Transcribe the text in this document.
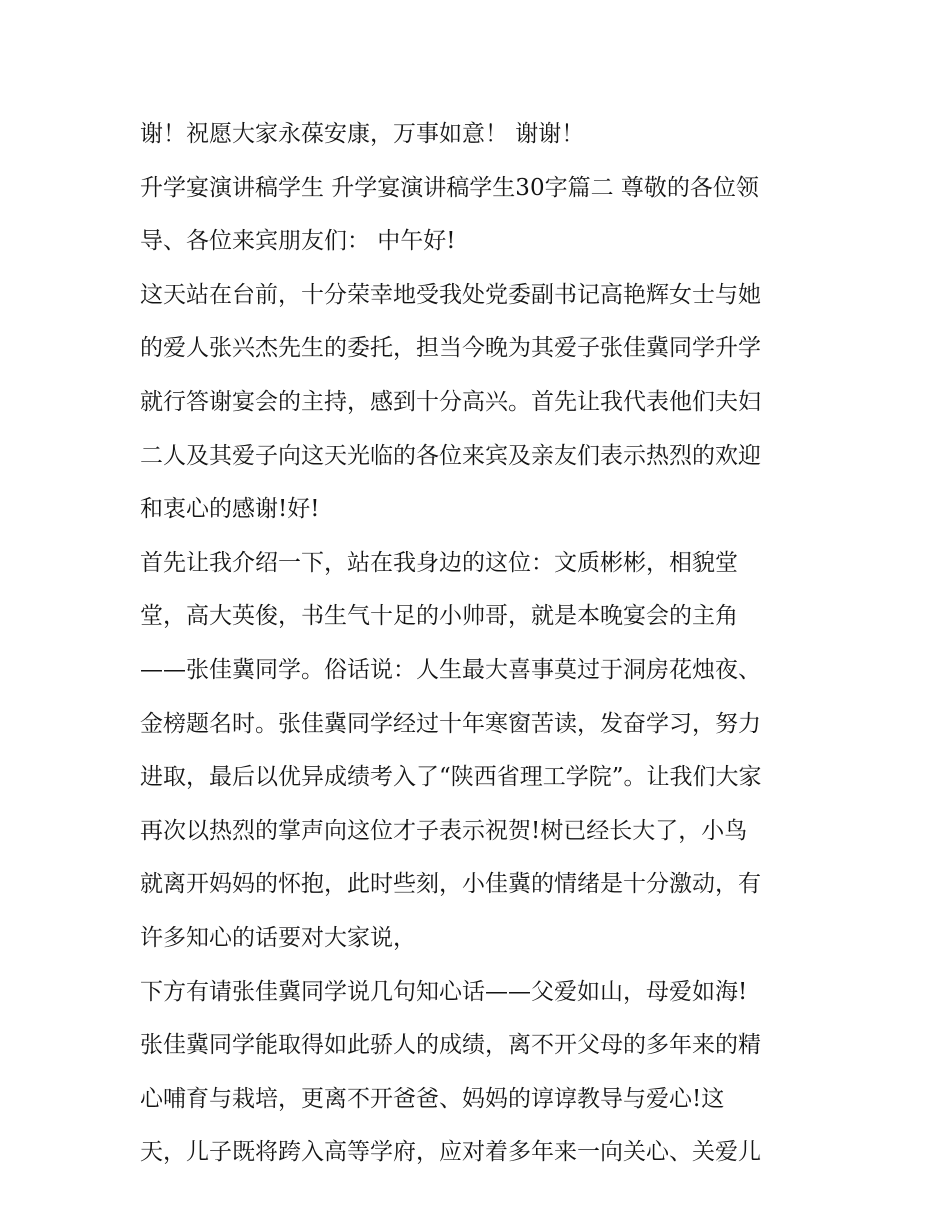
谢！祝愿大家永葆安康，万事如意！ 谢谢！
升学宴演讲稿学生 升学宴演讲稿学生30字篇二 尊敬的各位领
导、各位来宾朋友们： 中午好!
这天站在台前，十分荣幸地受我处党委副书记高艳辉女士与她
的爱人张兴杰先生的委托，担当今晚为其爱子张佳冀同学升学
就行答谢宴会的主持，感到十分高兴。首先让我代表他们夫妇
二人及其爱子向这天光临的各位来宾及亲友们表示热烈的欢迎
和衷心的感谢!好!
首先让我介绍一下，站在我身边的这位：文质彬彬，相貌堂
堂，高大英俊，书生气十足的小帅哥，就是本晚宴会的主角
——张佳冀同学。俗话说：人生最大喜事莫过于洞房花烛夜、
金榜题名时。张佳冀同学经过十年寒窗苦读，发奋学习，努力
进取，最后以优异成绩考入了“陕西省理工学院”。让我们大家
再次以热烈的掌声向这位才子表示祝贺!树已经长大了，小鸟
就离开妈妈的怀抱，此时些刻，小佳冀的情绪是十分激动，有
许多知心的话要对大家说，
下方有请张佳冀同学说几句知心话——父爱如山，母爱如海!
张佳冀同学能取得如此骄人的成绩，离不开父母的多年来的精
心哺育与栽培，更离不开爸爸、妈妈的谆谆教导与爱心!这
天，儿子既将跨入高等学府，应对着多年来一向关心、关爱儿
